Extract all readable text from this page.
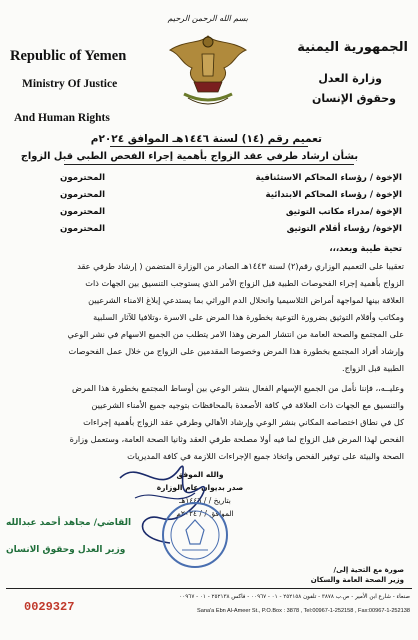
بسم الله الرحمن الرحيم
Republic of Yemen
Ministry Of Justice
And Human Rights
الجمهورية اليمنية
وزارة العدل
وحقوق الإنسان
تعميم رقم (١٤) لسنة ١٤٤٦هـ الموافق ٢٠٢٤م
بشأن ارشاد طرفي عقد الزواج بأهمية إجراء الفحص الطبي قبل الزواج
الإخوة / رؤساء المحاكم الاستئنافية
المحترمون
الإخوة / رؤساء المحاكم الابتدائية
المحترمون
الإخوة /مدراء مكاتب التوثيق
المحترمون
الإخوة/ رؤساء أقلام التوثيق
المحترمون
تحية طيبة وبعد،،،
تعقيبا على التعميم الوزاري رقم(٢) لسنة ١٤٤٣هـ الصادر من الوزارة المتضمن ( إرشاد طرفي عقد
الزواج بأهمية إجراء الفحوصات الطبية قبل الزواج الأمر الذي يستوجب التنسيق بين الجهات ذات
العلاقة بينها لمواجهة أمراض الثلاسيميا وانحلال الدم الوراثي بما يستدعي إبلاغ الامناء الشرعيين
ومكاتب وأقلام التوثيق بضرورة التوعية بخطورة هذا المرض على الاسرة ،وتلافيا للآثار السلبية
على المجتمع والصحة العامة من انتشار المرض وهذا الامر يتطلب من الجميع الاسهام في نشر الوعي
وإرشاد أفراد المجتمع بخطورة هذا المرض وخصوصا المقدمين على الزواج من خلال عمل الفحوصات
الطبية قبل الزواج.
وعليــه،، فإننا نأمل من الجميع الإسهام الفعال بنشر الوعي بين أوساط المجتمع بخطورة هذا المرض
والتنسيق مع الجهات ذات العلاقة في كافة الأصعدة بالمحافظات بتوجيه جميع الأمناء الشرعيين
كل في نطاق اختصاصه المكاني بنشر الوعي وإرشاد الأهالي وطرفي عقد الزواج بأهمية إجراءات
الفحص لهذا المرض قبل الزواج لما فيه أولا مصلحة طرفي العقد وثانيا الصحة العامة، وستعمل وزارة
الصحة والبيئة على توفير الفحص واتخاذ جميع الإجراءات اللازمة في كافة المديريات
والله الموفق
صدر بديوان عام الوزارة
بتاريخ / / ١٤٤٦هـ
الموافق / / ٢٠٢٤م
القاضي/ مجاهد أحمد عبدالله
وزير العدل وحقوق الانسان
صورة مع التحية إلى/
وزير الصحة العامة والسكان
صنعاء - شارع ابن الأمير - ص.ب ٣٨٧٨ - تلفون ٢٥٢١٥٨ - ٠١ - ٠٠٩٦٧ - فاكس ٢٥٢١٣٨ - ٠١ - ٠٠٩٦٧
Sana'a Ebn Al-Ameer St., P.O.Box : 3878 , Tel:00967-1-252158 , Fax:00967-1-252138
0029327
